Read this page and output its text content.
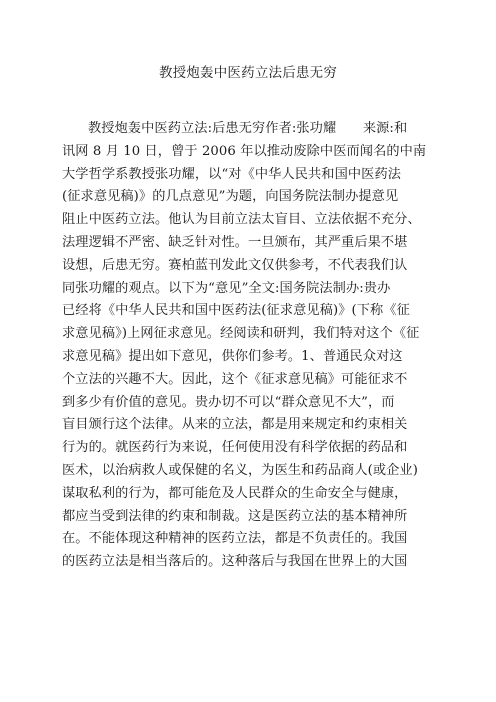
教授炮轰中医药立法后患无穷
教授炮轰中医药立法:后患无穷作者:张功耀　　来源:和
讯网 8 月 10 日，曾于 2006 年以推动废除中医而闻名的中南
大学哲学系教授张功耀，以“对《中华人民共和国中医药法
(征求意见稿)》的几点意见”为题，向国务院法制办提意见
阻止中医药立法。他认为目前立法太盲目、立法依据不充分、
法理逻辑不严密、缺乏针对性。一旦颁布，其严重后果不堪
设想，后患无穷。赛柏蓝刊发此文仅供参考，不代表我们认
同张功耀的观点。以下为“意见”全文:国务院法制办:贵办
已经将《中华人民共和国中医药法(征求意见稿)》(下称《征
求意见稿》)上网征求意见。经阅读和研判，我们特对这个《征
求意见稿》提出如下意见，供你们参考。1、普通民众对这
个立法的兴趣不大。因此，这个《征求意见稿》可能征求不
到多少有价值的意见。贵办切不可以“群众意见不大”，而
盲目颁行这个法律。从来的立法，都是用来规定和约束相关
行为的。就医药行为来说，任何使用没有科学依据的药品和
医术，以治病救人或保健的名义，为医生和药品商人(或企业)
谋取私利的行为，都可能危及人民群众的生命安全与健康，
都应当受到法律的约束和制裁。这是医药立法的基本精神所
在。不能体现这种精神的医药立法，都是不负责任的。我国
的医药立法是相当落后的。这种落后与我国在世界上的大国
